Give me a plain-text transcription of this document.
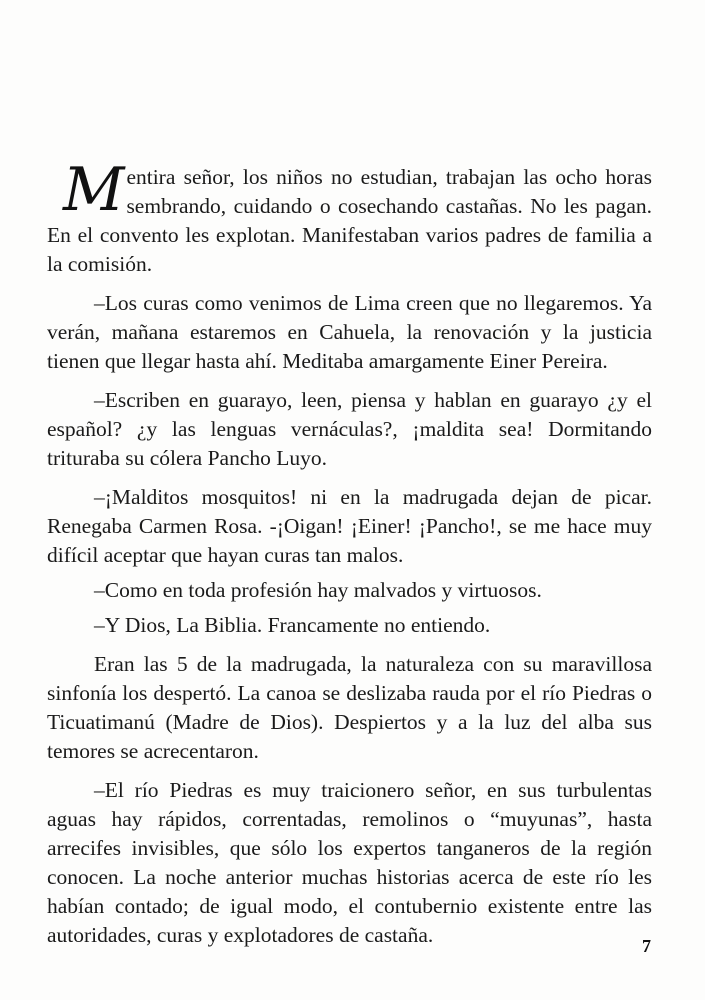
Mentira señor, los niños no estudian, trabajan las ocho horas sembrando, cuidando o cosechando castañas. No les pagan. En el convento les explotan. Manifestaban varios padres de familia a la comisión.

–Los curas como venimos de Lima creen que no llegaremos. Ya verán, mañana estaremos en Cahuela, la renovación y la justicia tienen que llegar hasta ahí. Meditaba amargamente Einer Pereira.

–Escriben en guarayo, leen, piensa y hablan en guarayo ¿y el español? ¿y las lenguas vernáculas?, ¡maldita sea! Dormitando trituraba su cólera Pancho Luyo.

–¡Malditos mosquitos! ni en la madrugada dejan de picar. Renegaba Carmen Rosa. -¡Oigan! ¡Einer! ¡Pancho!, se me hace muy difícil aceptar que hayan curas tan malos.

–Como en toda profesión hay malvados y virtuosos.

–Y Dios, La Biblia. Francamente no entiendo.

Eran las 5 de la madrugada, la naturaleza con su maravillosa sinfonía los despertó. La canoa se deslizaba rauda por el río Piedras o Ticuatimanú (Madre de Dios). Despiertos y a la luz del alba sus temores se acrecentaron.

–El río Piedras es muy traicionero señor, en sus turbulentas aguas hay rápidos, correntadas, remolinos o “muyunas”, hasta arrecifes invisibles, que sólo los expertos tanganeros de la región conocen. La noche anterior muchas historias acerca de este río les habían contado; de igual modo, el contubernio existente entre las autoridades, curas y explotadores de castaña.	7
